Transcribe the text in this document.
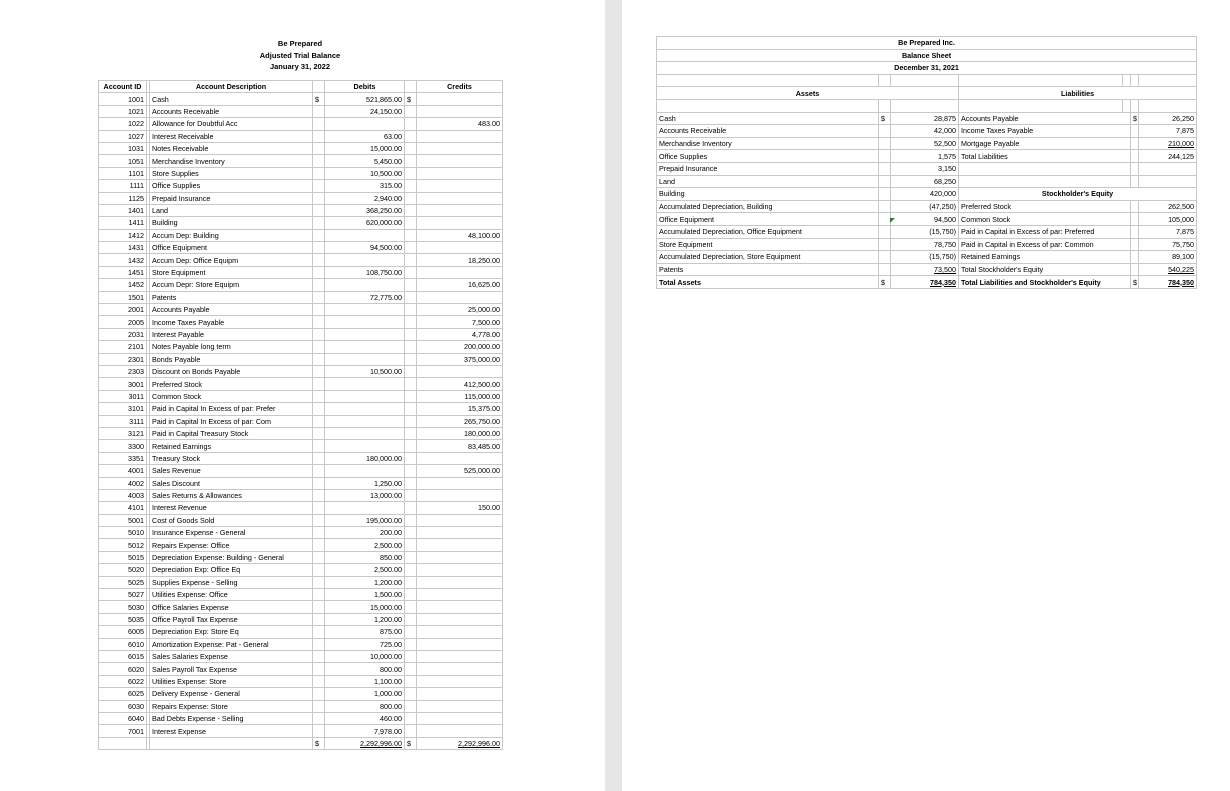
Be Prepared
Adjusted Trial Balance
January 31, 2022
Account ID		Account Description		Debits		Credits
1001		Cash	$	521,865.00	$	
1021		Accounts Receivable		24,150.00		
1022		Allowance for Doubtful Acc				483.00
1027		Interest Receivable		63.00		
1031		Notes Receivable		15,000.00		
1051		Merchandise Inventory		5,450.00		
1101		Store Supplies		10,500.00		
1111		Office Supplies		315.00		
1125		Prepaid Insurance		2,940.00		
1401		Land		368,250.00		
1411		Building		620,000.00		
1412		Accum Dep: Building				48,100.00
1431		Office Equipment		94,500.00		
1432		Accum Dep: Office Equipm				18,250.00
1451		Store Equipment		108,750.00		
1452		Accum Depr: Store Equipm				16,625.00
1501		Patents		72,775.00		
2001		Accounts Payable				25,000.00
2005		Income Taxes Payable				7,500.00
2031		Interest Payable				4,778.00
2101		Notes Payable long term				200,000.00
2301		Bonds Payable				375,000.00
2303		Discount on Bonds Payable		10,500.00		
3001		Preferred Stock				412,500.00
3011		Common Stock				115,000.00
3101		Paid in Capital In Excess of par: Prefer				15,375.00
3111		Paid in Capital In Excess of par: Com				265,750.00
3121		Paid in Capital Treasury Stock				180,000.00
3300		Retained Earnings				83,485.00
3351		Treasury Stock		180,000.00		
4001		Sales Revenue				525,000.00
4002		Sales Discount		1,250.00		
4003		Sales Returns & Allowances		13,000.00		
4101		Interest Revenue				150.00
5001		Cost of Goods Sold		195,000.00		
5010		Insurance Expense - General		200.00		
5012		Repairs Expense: Office		2,500.00		
5015		Depreciation Expense: Building - General		850.00		
5020		Depreciation Exp: Office Eq		2,500.00		
5025		Supplies Expense - Selling		1,200.00		
5027		Utilities Expense: Office		1,500.00		
5030		Office Salaries Expense		15,000.00		
5035		Office Payroll Tax Expense		1,200.00		
6005		Depreciation Exp: Store Eq		875.00		
6010		Amortization Expense: Pat - General		725.00		
6015		Sales Salaries Expense		10,000.00		
6020		Sales Payroll Tax Expense		800.00		
6022		Utilities Expense: Store		1,100.00		
6025		Delivery Expense - General		1,000.00		
6030		Repairs Expense: Store		800.00		
6040		Bad Debts Expense - Selling		460.00		
7001		Interest Expense		7,978.00		
			$	2,292,996.00	$	2,292,996.00
Be Prepared Inc.						
Balance Sheet						
December 31, 2021						

Assets			Liabilities			

Cash	$	28,875	Accounts Payable		$	26,250
Accounts Receivable		42,000	Income Taxes Payable			7,875
Merchandise Inventory		52,500	Mortgage Payable			210,000
Office Supplies		1,575	Total Liabilities			244,125
Prepaid Insurance		3,150				
Land		68,250				
Building		420,000	Stockholder's Equity			
Accumulated Depreciation, Building		(47,250)	Preferred Stock			262,500
Office Equipment		94,500	Common Stock			105,000
Accumulated Depreciation, Office Equipment		(15,750)	Paid in Capital in Excess of par: Preferred			7,875
Store Equipment		78,750	Paid in Capital in Excess of par: Common			75,750
Accumulated Depreciation, Store Equipment		(15,750)	Retained Earnings			89,100
Patents		73,500	Total Stockholder's Equity			540,225
Total Assets	$	784,350	Total Liabilities and Stockholder's Equity		$	784,350
